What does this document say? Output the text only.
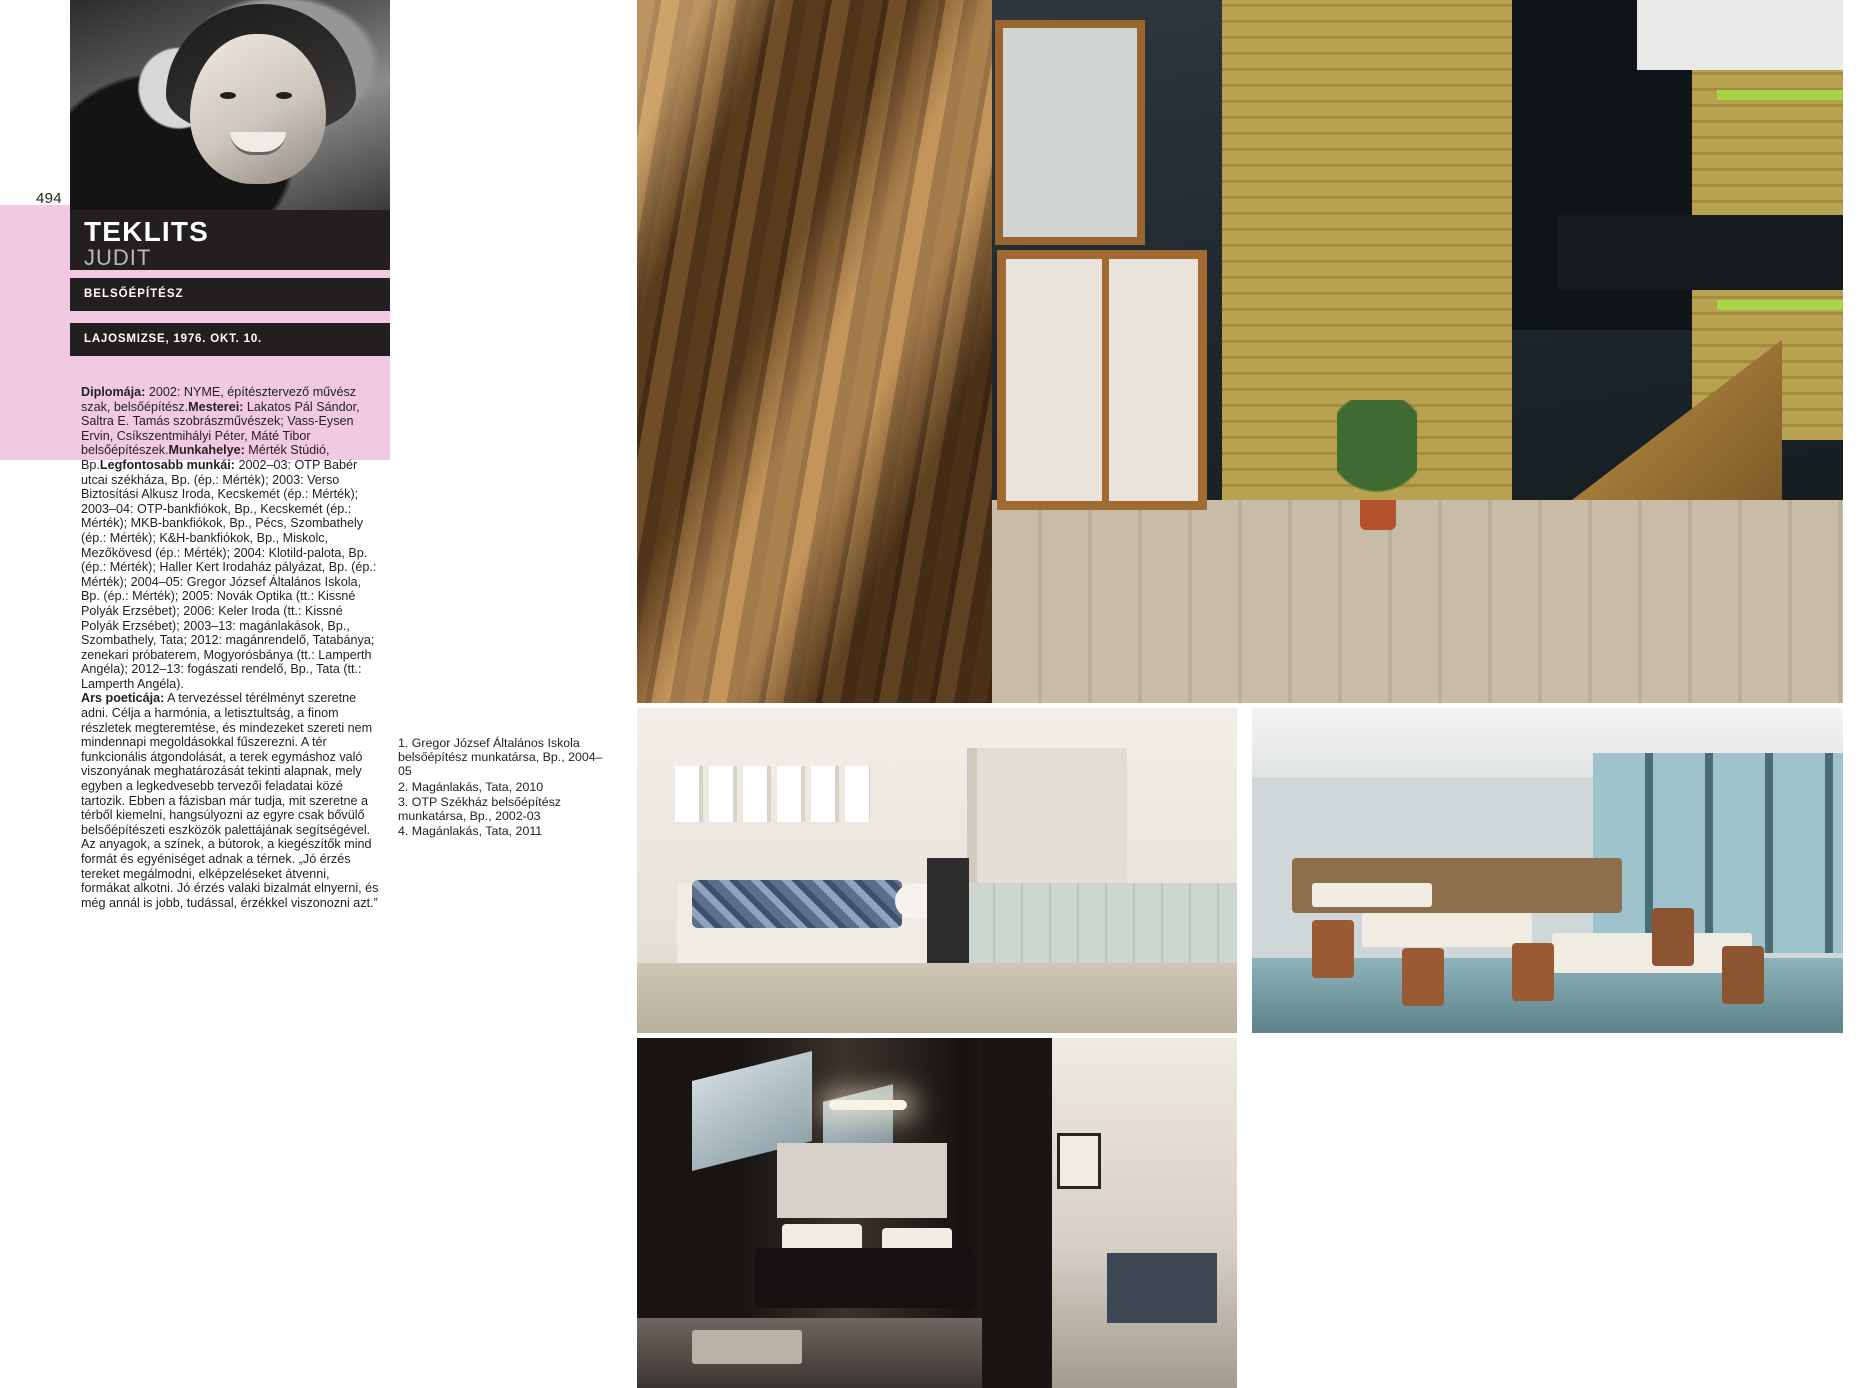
494
TEKLITS
JUDIT
BELSŐÉPÍTÉSZ
LAJOSMIZSE, 1976. OKT. 10.

Diplomája: 2002: NYME, építésztervező művész szak, belsőépítész.Mesterei: Lakatos Pál Sándor, Saltra E. Tamás szobrászművészek; Vass-Eysen Ervin, Csíkszentmihályi Péter, Máté Tibor belsőépítészek.Munkahelye: Mérték Stúdió, Bp.Legfontosabb munkái: 2002–03: OTP Babér utcai székháza, Bp. (ép.: Mérték); 2003: Verso Biztosítási Alkusz Iroda, Kecskemét (ép.: Mérték); 2003–04: OTP-bankfiókok, Bp., Kecskemét (ép.: Mérték); MKB-bankfiókok, Bp., Pécs, Szombathely (ép.: Mérték); K&H-bankfiókok, Bp., Miskolc, Mezőkövesd (ép.: Mérték); 2004: Klotild-palota, Bp. (ép.: Mérték); Haller Kert Irodaház pályázat, Bp. (ép.: Mérték); 2004–05: Gregor József Általános Iskola, Bp. (ép.: Mérték); 2005: Novák Optika (tt.: Kissné Polyák Erzsébet); 2006: Keler Iroda (tt.: Kissné Polyák Erzsébet); 2003–13: magánlakások, Bp., Szombathely, Tata; 2012: magánrendelő, Tatabánya; zenekari próbaterem, Mogyorósbánya (tt.: Lamperth Angéla); 2012–13: fogászati rendelő, Bp., Tata (tt.: Lamperth Angéla).

Ars poeticája: A tervezéssel térélményt szeretne adni. Célja a harmónia, a letisztultság, a finom részletek megteremtése, és mindezeket szereti nem mindennapi megoldásokkal fűszerezni. A tér funkcionális átgondolását, a terek egymáshoz való viszonyának meghatározását tekinti alapnak, mely egyben a legkedvesebb tervezői feladatai közé tartozik. Ebben a fázisban már tudja, mit szeretne a térből kiemelni, hangsúlyozni az egyre csak bővülő belsőépítészeti eszközök palettájának segítségével. Az anyagok, a színek, a bútorok, a kiegészítők mind formát és egyéniséget adnak a térnek. „Jó érzés tereket megálmodni, elképzeléseket átvenni, formákat alkotni. Jó érzés valaki bizalmát elnyerni, és még annál is jobb, tudással, érzékkel viszonozni azt.”

1. Gregor József Általános Iskola belsőépítész munkatársa, Bp., 2004–05
2. Magánlakás, Tata, 2010
3. OTP Székház belsőépítész munkatársa, Bp., 2002-03
4. Magánlakás, Tata, 2011
